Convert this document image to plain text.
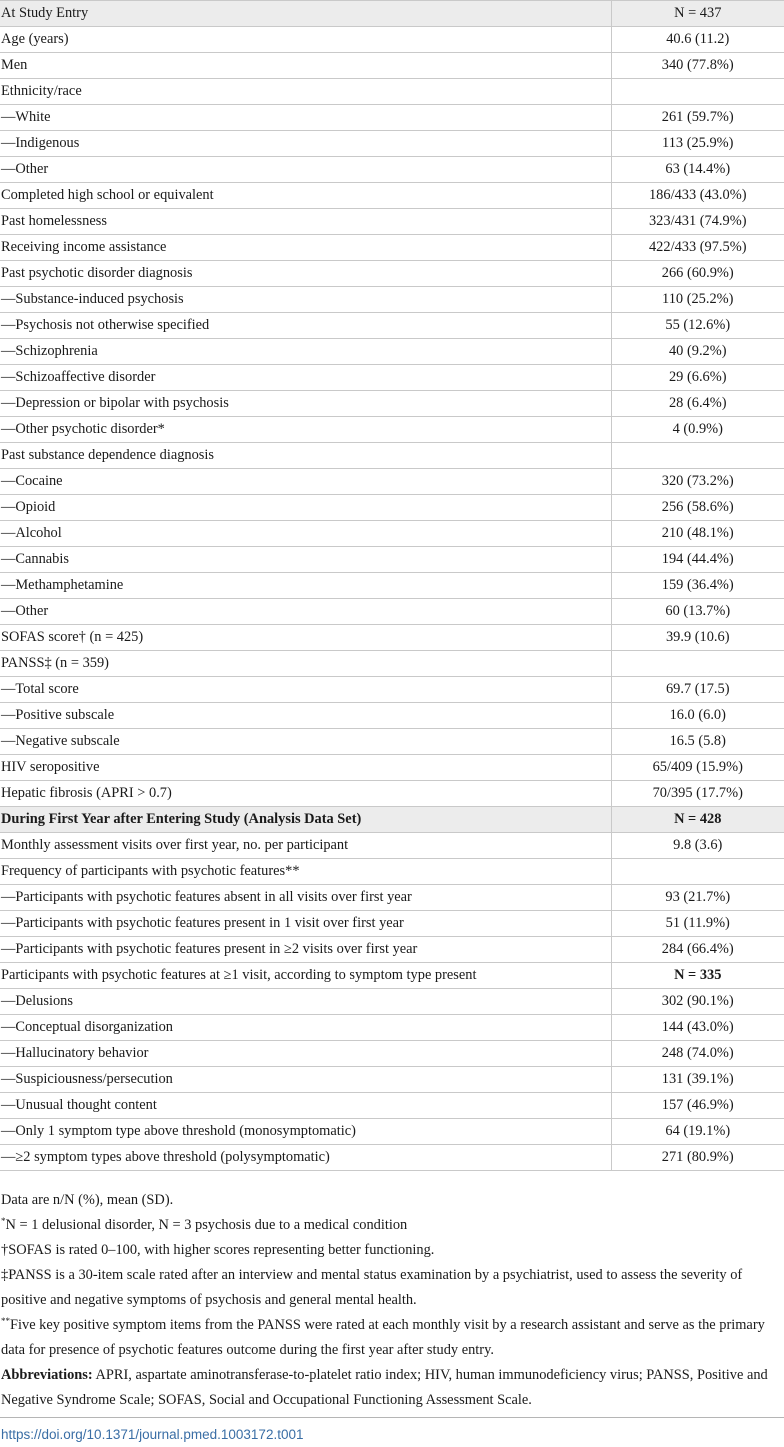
At Study Entry	N = 437
Age (years)	40.6 (11.2)
Men	340 (77.8%)
Ethnicity/race	
—White	261 (59.7%)
—Indigenous	113 (25.9%)
—Other	63 (14.4%)
Completed high school or equivalent	186/433 (43.0%)
Past homelessness	323/431 (74.9%)
Receiving income assistance	422/433 (97.5%)
Past psychotic disorder diagnosis	266 (60.9%)
—Substance-induced psychosis	110 (25.2%)
—Psychosis not otherwise specified	55 (12.6%)
—Schizophrenia	40 (9.2%)
—Schizoaffective disorder	29 (6.6%)
—Depression or bipolar with psychosis	28 (6.4%)
—Other psychotic disorder*	4 (0.9%)
Past substance dependence diagnosis	
—Cocaine	320 (73.2%)
—Opioid	256 (58.6%)
—Alcohol	210 (48.1%)
—Cannabis	194 (44.4%)
—Methamphetamine	159 (36.4%)
—Other	60 (13.7%)
SOFAS score† (n = 425)	39.9 (10.6)
PANSS‡ (n = 359)	
—Total score	69.7 (17.5)
—Positive subscale	16.0 (6.0)
—Negative subscale	16.5 (5.8)
HIV seropositive	65/409 (15.9%)
Hepatic fibrosis (APRI > 0.7)	70/395 (17.7%)
During First Year after Entering Study (Analysis Data Set)	N = 428
Monthly assessment visits over first year, no. per participant	9.8 (3.6)
Frequency of participants with psychotic features**	
—Participants with psychotic features absent in all visits over first year	93 (21.7%)
—Participants with psychotic features present in 1 visit over first year	51 (11.9%)
—Participants with psychotic features present in ≥2 visits over first year	284 (66.4%)
Participants with psychotic features at ≥1 visit, according to symptom type present	N = 335
—Delusions	302 (90.1%)
—Conceptual disorganization	144 (43.0%)
—Hallucinatory behavior	248 (74.0%)
—Suspiciousness/persecution	131 (39.1%)
—Unusual thought content	157 (46.9%)
—Only 1 symptom type above threshold (monosymptomatic)	64 (19.1%)
—≥2 symptom types above threshold (polysymptomatic)	271 (80.9%)

Data are n/N (%), mean (SD).

*N = 1 delusional disorder, N = 3 psychosis due to a medical condition

†SOFAS is rated 0–100, with higher scores representing better functioning.

‡PANSS is a 30-item scale rated after an interview and mental status examination by a psychiatrist, used to assess the severity of positive and negative symptoms of psychosis and general mental health.

**Five key positive symptom items from the PANSS were rated at each monthly visit by a research assistant and serve as the primary data for presence of psychotic features outcome during the first year after study entry.

Abbreviations: APRI, aspartate aminotransferase-to-platelet ratio index; HIV, human immunodeficiency virus; PANSS, Positive and Negative Syndrome Scale; SOFAS, Social and Occupational Functioning Assessment Scale.

https://doi.org/10.1371/journal.pmed.1003172.t001
